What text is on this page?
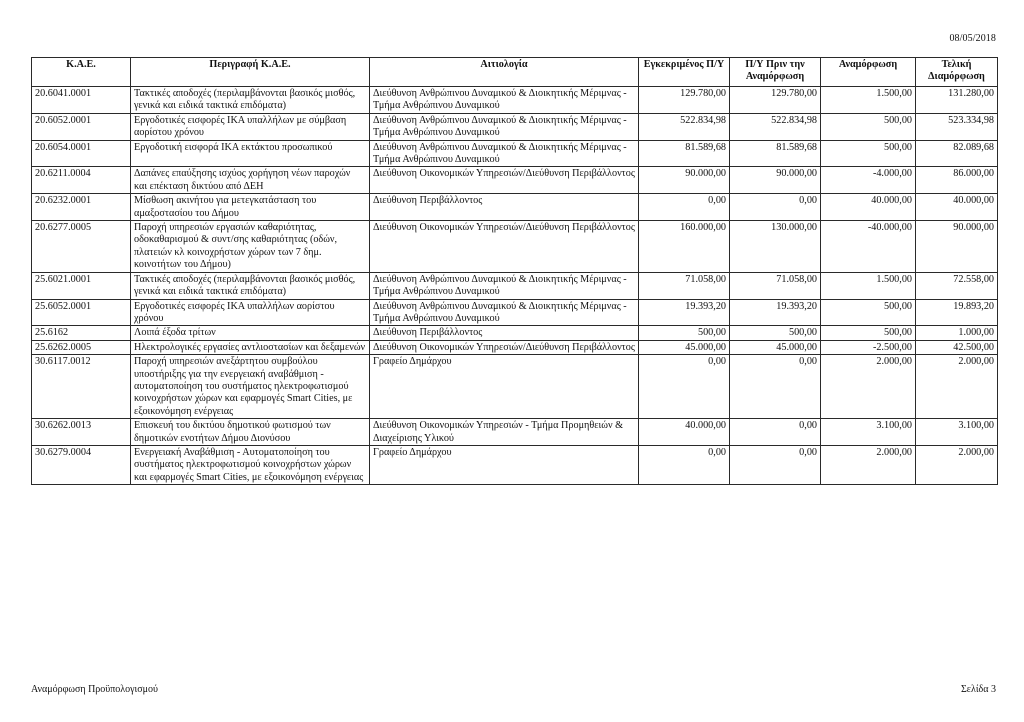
08/05/2018
Κ.Α.Ε.	Περιγραφή Κ.Α.Ε.	Αιτιολογία	Εγκεκριμένος Π/Υ	Π/Υ Πριν την Αναμόρφωση	Αναμόρφωση	Τελική Διαμόρφωση
20.6041.0001	Τακτικές αποδοχές (περιλαμβάνονται βασικός μισθός, γενικά και ειδικά τακτικά επιδόματα)	Διεύθυνση Ανθρώπινου Δυναμικού & Διοικητικής Μέριμνας - Τμήμα Ανθρώπινου Δυναμικού	129.780,00	129.780,00	1.500,00	131.280,00
20.6052.0001	Εργοδοτικές εισφορές ΙΚΑ υπαλλήλων με σύμβαση αορίστου χρόνου	Διεύθυνση Ανθρώπινου Δυναμικού & Διοικητικής Μέριμνας - Τμήμα Ανθρώπινου Δυναμικού	522.834,98	522.834,98	500,00	523.334,98
20.6054.0001	Εργοδοτική εισφορά ΙΚΑ εκτάκτου προσωπικού	Διεύθυνση Ανθρώπινου Δυναμικού & Διοικητικής Μέριμνας - Τμήμα Ανθρώπινου Δυναμικού	81.589,68	81.589,68	500,00	82.089,68
20.6211.0004	Δαπάνες επαύξησης ισχύος χορήγηση νέων παροχών και επέκταση δικτύου από ΔΕΗ	Διεύθυνση Οικονομικών Υπηρεσιών/Διεύθυνση Περιβάλλοντος	90.000,00	90.000,00	-4.000,00	86.000,00
20.6232.0001	Μίσθωση ακινήτου για μετεγκατάσταση του αμαξοστασίου του Δήμου	Διεύθυνση Περιβάλλοντος	0,00	0,00	40.000,00	40.000,00
20.6277.0005	Παροχή υπηρεσιών εργασιών καθαριότητας, οδοκαθαρισμού & συντ/σης καθαριότητας (οδών, πλατειών κλ κοινοχρήστων χώρων των 7 δημ. κοινοτήτων του Δήμου)	Διεύθυνση Οικονομικών Υπηρεσιών/Διεύθυνση Περιβάλλοντος	160.000,00	130.000,00	-40.000,00	90.000,00
25.6021.0001	Τακτικές αποδοχές (περιλαμβάνονται βασικός μισθός, γενικά και ειδικά τακτικά επιδόματα)	Διεύθυνση Ανθρώπινου Δυναμικού & Διοικητικής Μέριμνας - Τμήμα Ανθρώπινου Δυναμικού	71.058,00	71.058,00	1.500,00	72.558,00
25.6052.0001	Εργοδοτικές εισφορές ΙΚΑ υπαλλήλων αορίστου χρόνου	Διεύθυνση Ανθρώπινου Δυναμικού & Διοικητικής Μέριμνας - Τμήμα Ανθρώπινου Δυναμικού	19.393,20	19.393,20	500,00	19.893,20
25.6162	Λοιπά έξοδα τρίτων	Διεύθυνση Περιβάλλοντος	500,00	500,00	500,00	1.000,00
25.6262.0005	Ηλεκτρολογικές εργασίες αντλιοστασίων και δεξαμενών	Διεύθυνση Οικονομικών Υπηρεσιών/Διεύθυνση Περιβάλλοντος	45.000,00	45.000,00	-2.500,00	42.500,00
30.6117.0012	Παροχή υπηρεσιών ανεξάρτητου συμβούλου υποστήριξης για την ενεργειακή αναβάθμιση - αυτοματοποίηση του συστήματος ηλεκτροφωτισμού κοινοχρήστων χώρων και εφαρμογές Smart Cities, με εξοικονόμηση ενέργειας	Γραφείο Δημάρχου	0,00	0,00	2.000,00	2.000,00
30.6262.0013	Επισκευή του δικτύου δημοτικού φωτισμού των δημοτικών ενοτήτων Δήμου Διονύσου	Διεύθυνση Οικονομικών Υπηρεσιών - Τμήμα Προμηθειών & Διαχείρισης Υλικού	40.000,00	0,00	3.100,00	3.100,00
30.6279.0004	Ενεργειακή Αναβάθμιση - Αυτοματοποίηση του συστήματος ηλεκτροφωτισμού κοινοχρήστων χώρων και εφαρμογές Smart Cities, με εξοικονόμηση ενέργειας	Γραφείο Δημάρχου	0,00	0,00	2.000,00	2.000,00
Αναμόρφωση Προϋπολογισμού	Σελίδα 3
